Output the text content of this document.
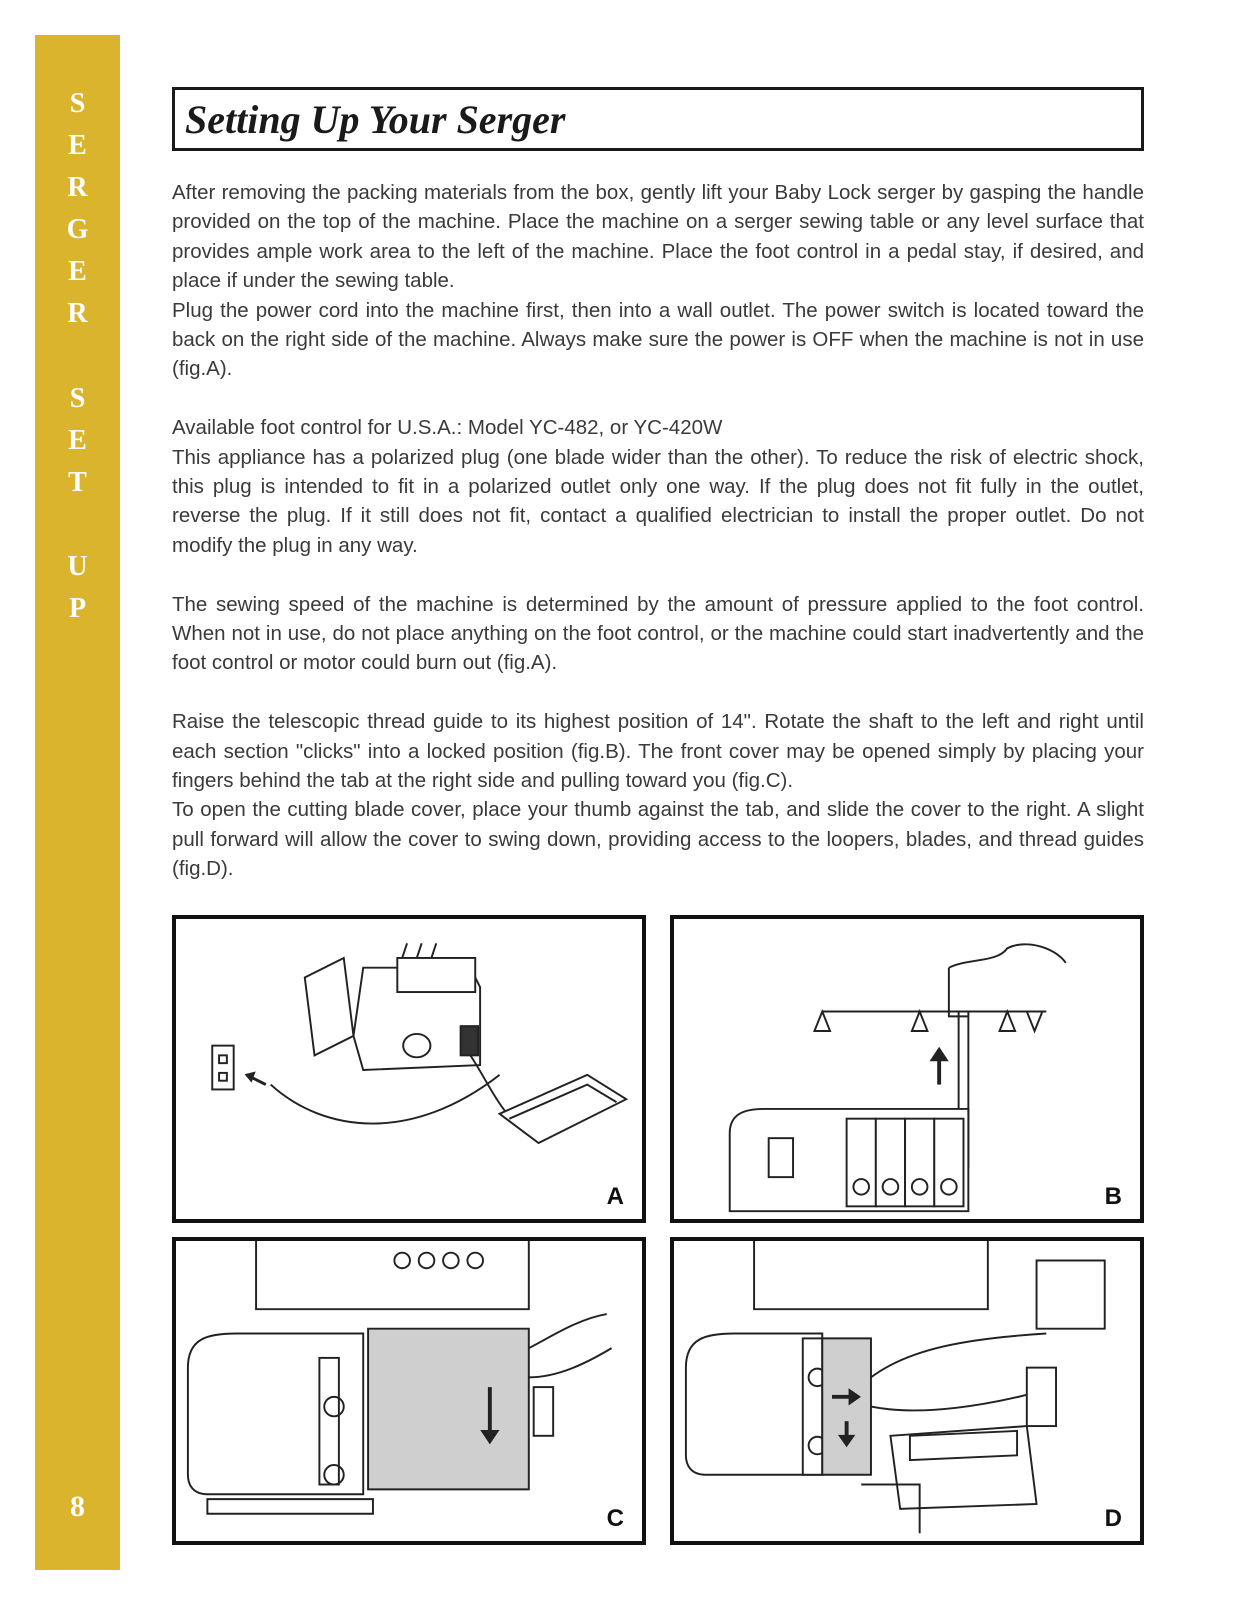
S
E
R
G
E
R
S
E
T
U
P
8
Setting Up Your Serger

After removing the packing materials from the box, gently lift your Baby Lock serger by gasping the handle provided on the top of the machine. Place the machine on a serger sewing table or any level surface that provides ample work area to the left of the machine. Place the foot control in a pedal stay, if desired, and place if under the sewing table.

Plug the power cord into the machine first, then into a wall outlet. The power switch is located toward the back on the right side of the machine. Always make sure the power is OFF when the machine is not in use (fig.A).

Available foot control for U.S.A.: Model YC-482, or YC-420W

This appliance has a polarized plug (one blade wider than the other). To reduce the risk of electric shock, this plug is intended to fit in a polarized outlet only one way. If the plug does not fit fully in the outlet, reverse the plug. If it still does not fit, contact a qualified electrician to install the proper outlet. Do not modify the plug in any way.

The sewing speed of the machine is determined by the amount of pressure applied to the foot control. When not in use, do not place anything on the foot control, or the machine could start inadvertently and the foot control or motor could burn out (fig.A).

Raise the telescopic thread guide to its highest position of 14". Rotate the shaft to the left and right until each section "clicks" into a locked position (fig.B). The front cover may be opened simply by placing your fingers behind the tab at the right side and pulling toward you (fig.C).

To open the cutting blade cover, place your thumb against the tab, and slide the cover to the right. A slight pull forward will allow the cover to swing down, providing access to the loopers, blades, and thread guides (fig.D).

A	B
C	D
